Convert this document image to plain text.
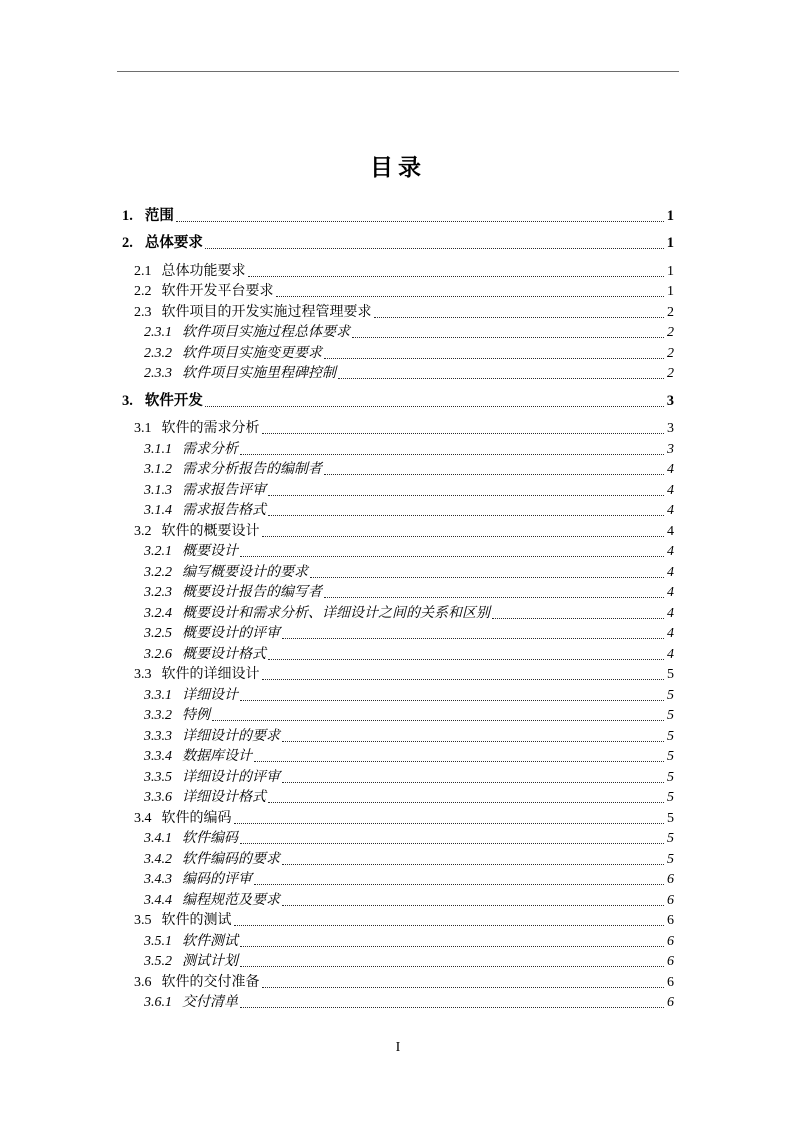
目录
1. 范围	1
2. 总体要求	1
2.1 总体功能要求	1
2.2 软件开发平台要求	1
2.3 软件项目的开发实施过程管理要求	2
2.3.1 软件项目实施过程总体要求	2
2.3.2 软件项目实施变更要求	2
2.3.3 软件项目实施里程碑控制	2
3. 软件开发	3
3.1 软件的需求分析	3
3.1.1 需求分析	3
3.1.2 需求分析报告的编制者	4
3.1.3 需求报告评审	4
3.1.4 需求报告格式	4
3.2 软件的概要设计	4
3.2.1 概要设计	4
3.2.2 编写概要设计的要求	4
3.2.3 概要设计报告的编写者	4
3.2.4 概要设计和需求分析、详细设计之间的关系和区别	4
3.2.5 概要设计的评审	4
3.2.6 概要设计格式	4
3.3 软件的详细设计	5
3.3.1 详细设计	5
3.3.2 特例	5
3.3.3 详细设计的要求	5
3.3.4 数据库设计	5
3.3.5 详细设计的评审	5
3.3.6 详细设计格式	5
3.4 软件的编码	5
3.4.1 软件编码	5
3.4.2 软件编码的要求	5
3.4.3 编码的评审	6
3.4.4 编程规范及要求	6
3.5 软件的测试	6
3.5.1 软件测试	6
3.5.2 测试计划	6
3.6 软件的交付准备	6
3.6.1 交付清单	6
I
